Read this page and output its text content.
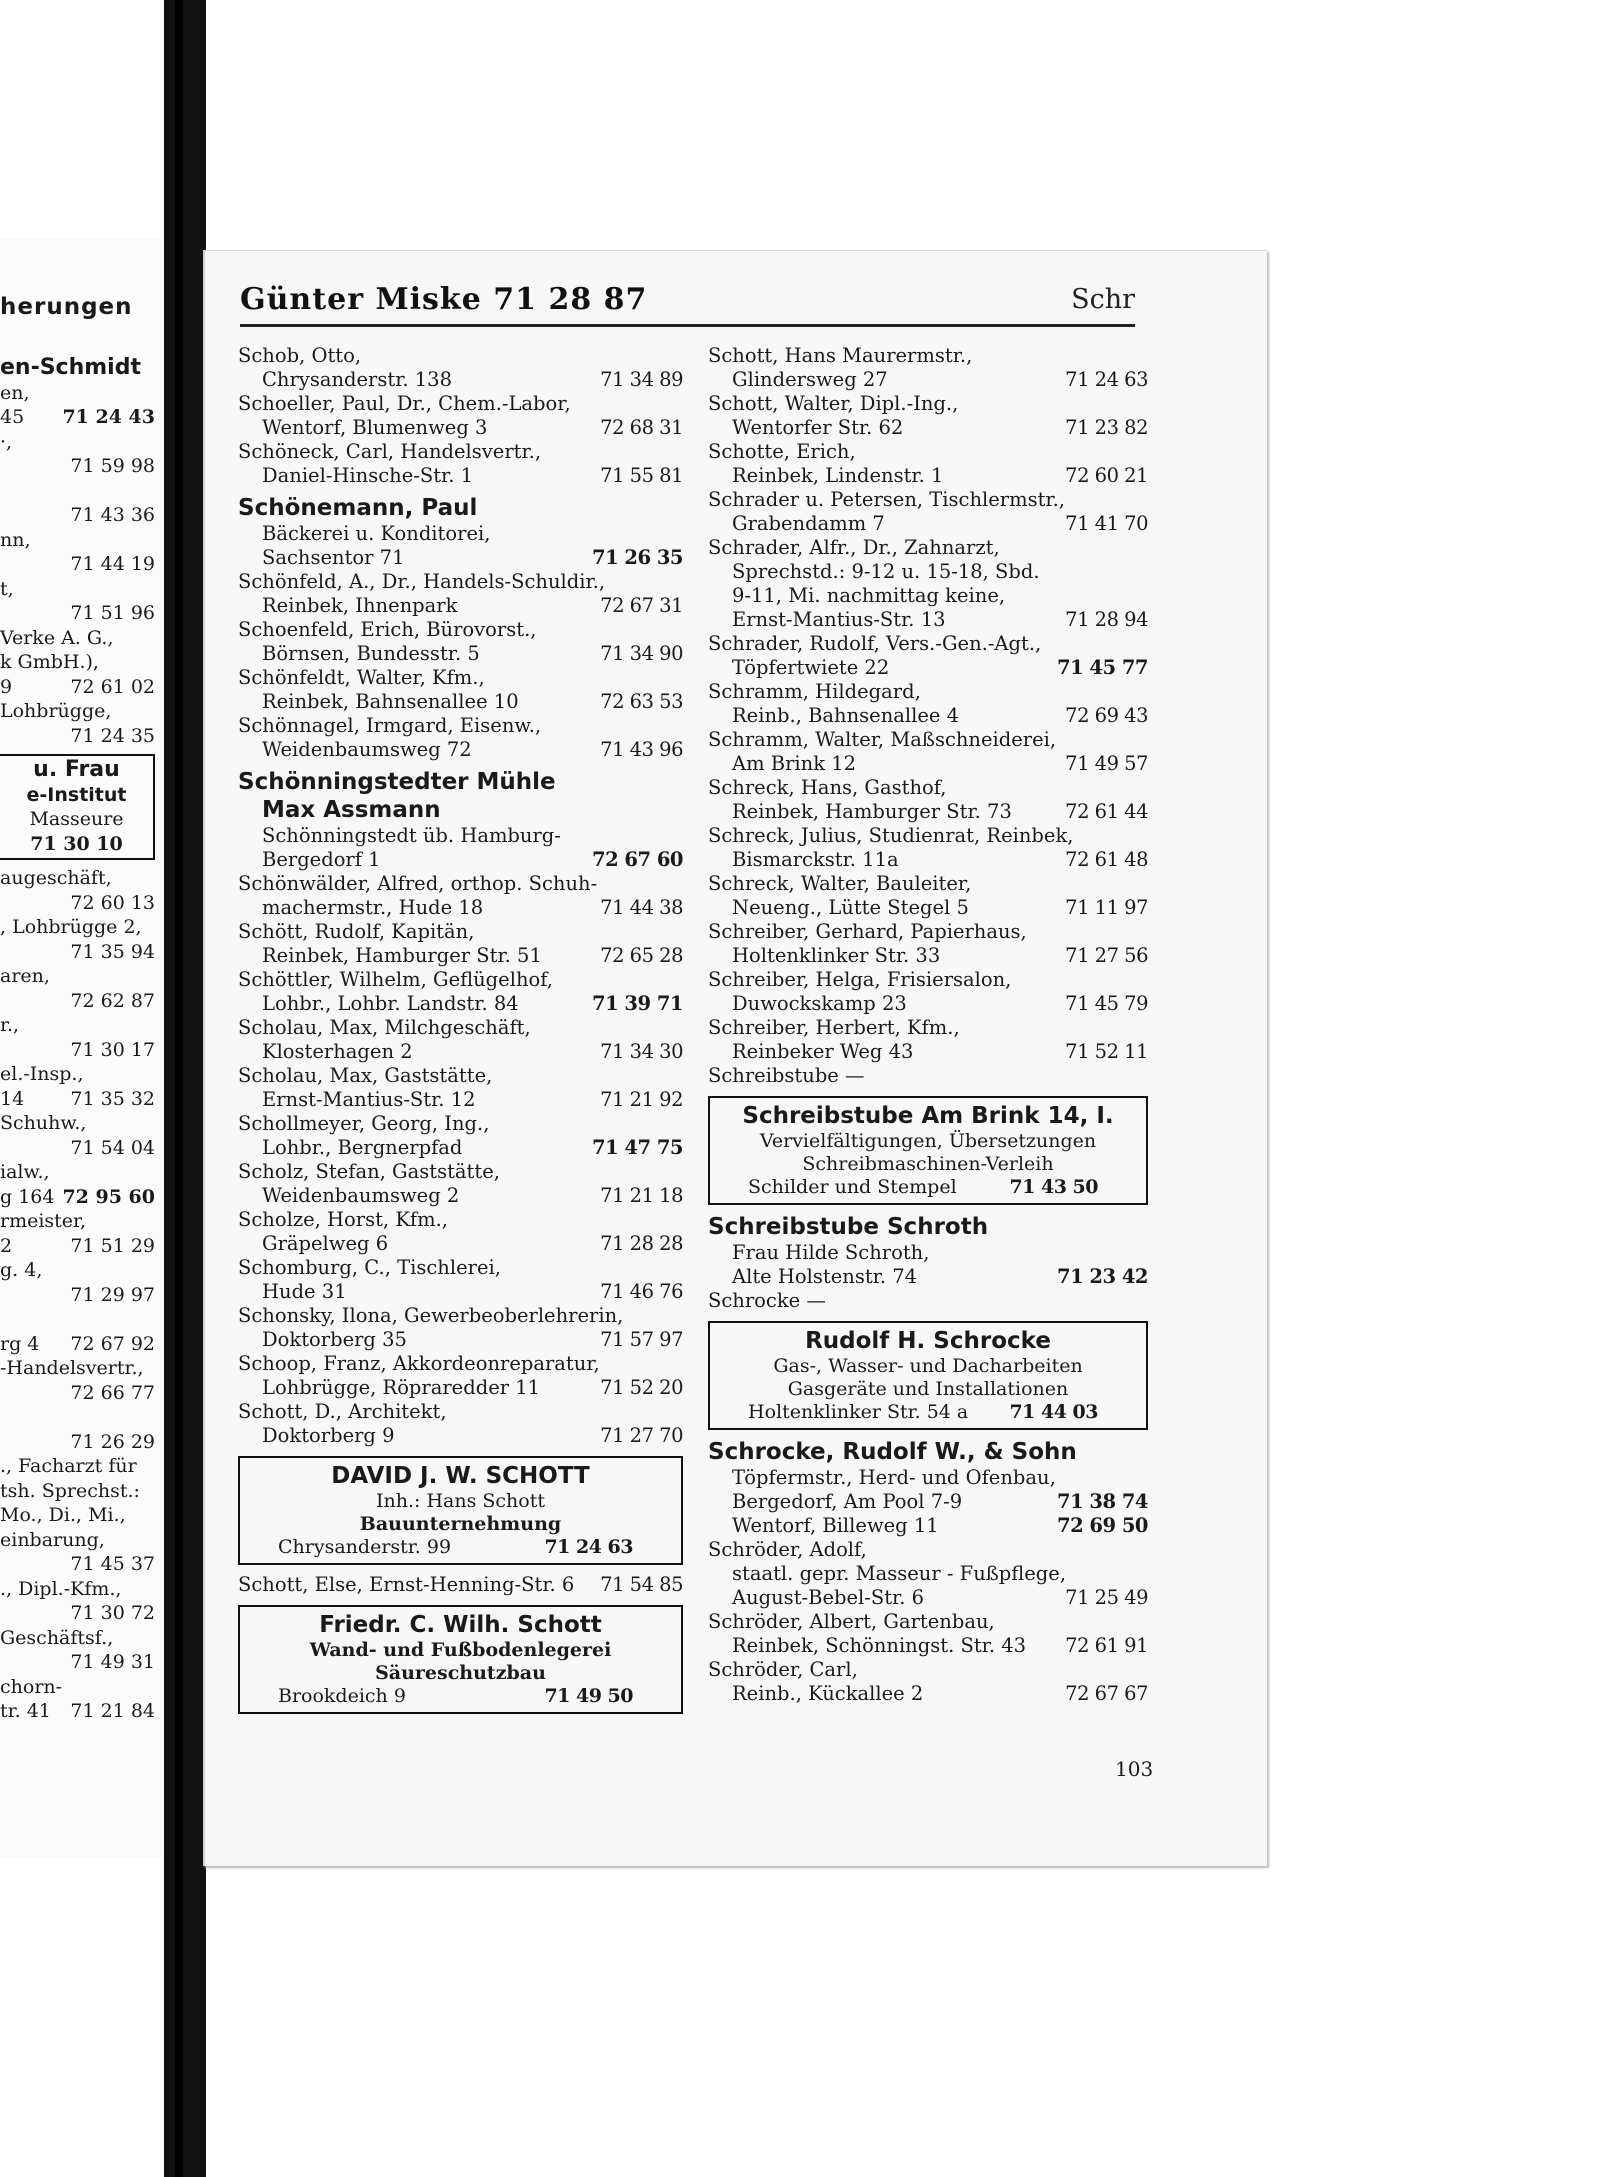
herungen
en-Schmidt
en,
45 71 24 43
·,
71 59 98
71 43 36
nn,
71 44 19
t,
71 51 96
Verke A. G.,
k GmbH.),
9	72 61 02
Lohbrügge,
71 24 35
u. Frau
e-Institut
Masseure
71 30 10
augeschäft,
72 60 13
, Lohbrügge 2,
71 35 94
aren,
72 62 87
r.,
71 30 17
el.-Insp.,
14 71 35 32
Schuhw.,
71 54 04
ialw.,
g 164 72 95 60
rmeister,
2	71 51 29
g. 4,
71 29 97
rg 4 72 67 92
-Handelsvertr.,
72 66 77
71 26 29
., Facharzt für
tsh. Sprechst.:
Mo., Di., Mi.,
einbarung,
71 45 37
., Dipl.-Kfm.,
71 30 72
Geschäftsf.,
71 49 31
chorn-
tr. 41 71 21 84
Günter Miske 71 28 87	Schr
Schob, Otto,
Chrysanderstr. 138	71 34 89
Schoeller, Paul, Dr., Chem.-Labor,
Wentorf, Blumenweg 3	72 68 31
Schöneck, Carl, Handelsvertr.,
Daniel-Hinsche-Str. 1	71 55 81
Schönemann, Paul
Bäckerei u. Konditorei,
Sachsentor 71	71 26 35
Schönfeld, A., Dr., Handels-Schuldir.,
Reinbek, Ihnenpark	72 67 31
Schoenfeld, Erich, Bürovorst.,
Börnsen, Bundesstr. 5	71 34 90
Schönfeldt, Walter, Kfm.,
Reinbek, Bahnsenallee 10	72 63 53
Schönnagel, Irmgard, Eisenw.,
Weidenbaumsweg 72	71 43 96
Schönningstedter Mühle
Max Assmann
Schönningstedt üb. Hamburg-
Bergedorf 1	72 67 60
Schönwälder, Alfred, orthop. Schuh-
machermstr., Hude 18	71 44 38
Schött, Rudolf, Kapitän,
Reinbek, Hamburger Str. 51	72 65 28
Schöttler, Wilhelm, Geflügelhof,
Lohbr., Lohbr. Landstr. 84	71 39 71
Scholau, Max, Milchgeschäft,
Klosterhagen 2	71 34 30
Scholau, Max, Gaststätte,
Ernst-Mantius-Str. 12	71 21 92
Schollmeyer, Georg, Ing.,
Lohbr., Bergnerpfad	71 47 75
Scholz, Stefan, Gaststätte,
Weidenbaumsweg 2	71 21 18
Scholze, Horst, Kfm.,
Gräpelweg 6	71 28 28
Schomburg, C., Tischlerei,
Hude 31	71 46 76
Schonsky, Ilona, Gewerbeoberlehrerin,
Doktorberg 35	71 57 97
Schoop, Franz, Akkordeonreparatur,
Lohbrügge, Röpraredder 11	71 52 20
Schott, D., Architekt,
Doktorberg 9	71 27 70
DAVID J. W. SCHOTT
Inh.: Hans Schott
Bauunternehmung
Chrysanderstr. 99	71 24 63
Schott, Else, Ernst-Henning-Str. 6 71 54 85
Friedr. C. Wilh. Schott
Wand- und Fußbodenlegerei
Säureschutzbau
Brookdeich 9	71 49 50
Schott, Hans Maurermstr.,
Glindersweg 27	71 24 63
Schott, Walter, Dipl.-Ing.,
Wentorfer Str. 62	71 23 82
Schotte, Erich,
Reinbek, Lindenstr. 1	72 60 21
Schrader u. Petersen, Tischlermstr.,
Grabendamm 7	71 41 70
Schrader, Alfr., Dr., Zahnarzt,
Sprechstd.: 9-12 u. 15-18, Sbd.
9-11, Mi. nachmittag keine,
Ernst-Mantius-Str. 13	71 28 94
Schrader, Rudolf, Vers.-Gen.-Agt.,
Töpfertwiete 22	71 45 77
Schramm, Hildegard,
Reinb., Bahnsenallee 4	72 69 43
Schramm, Walter, Maßschneiderei,
Am Brink 12	71 49 57
Schreck, Hans, Gasthof,
Reinbek, Hamburger Str. 73	72 61 44
Schreck, Julius, Studienrat, Reinbek,
Bismarckstr. 11a	72 61 48
Schreck, Walter, Bauleiter,
Neueng., Lütte Stegel 5	71 11 97
Schreiber, Gerhard, Papierhaus,
Holtenklinker Str. 33	71 27 56
Schreiber, Helga, Frisiersalon,
Duwockskamp 23	71 45 79
Schreiber, Herbert, Kfm.,
Reinbeker Weg 43	71 52 11
Schreibstube —
Schreibstube Am Brink 14, I.
Vervielfältigungen, Übersetzungen
Schreibmaschinen-Verleih
Schilder und Stempel	71 43 50
Schreibstube Schroth
Frau Hilde Schroth,
Alte Holstenstr. 74	71 23 42
Schrocke —
Rudolf H. Schrocke
Gas-, Wasser- und Dacharbeiten
Gasgeräte und Installationen
Holtenklinker Str. 54 a 71 44 03
Schrocke, Rudolf W., & Sohn
Töpfermstr., Herd- und Ofenbau,
Bergedorf, Am Pool 7-9	71 38 74
Wentorf, Billeweg 11	72 69 50
Schröder, Adolf,
staatl. gepr. Masseur - Fußpflege,
August-Bebel-Str. 6	71 25 49
Schröder, Albert, Gartenbau,
Reinbek, Schönningst. Str. 43 72 61 91
Schröder, Carl,
Reinb., Kückallee 2	72 67 67
103
